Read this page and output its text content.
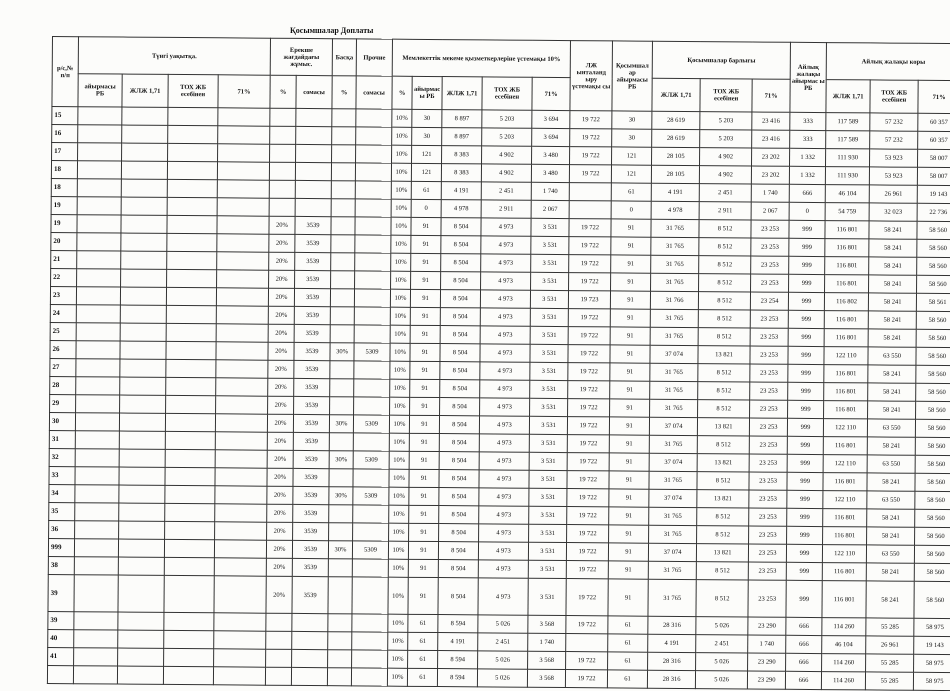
Қосымшалар Доплаты
р/с,№ п/п	Түнгі уақытқа.				Ерекше жағдайдағы жұмыс.		Басқа	Прочие	Мемлекеттік мекеме қызметкерлеріне үстемақы 10%					ЛЖ ынталанд ыру үстемақы сы	Қосымшал ар айырмасы РБ	Қосымшалар барлығы			Айлық жалақы айырмас ы РБ	Айлық жалақы коры		
	айырмасы РБ	ЖЛЖ 1,71	ТОХ ЖБ есебінен	71%	%	сомасы	%	сомасы	%	айырмас ы РБ	ЖЛЖ 1,71	ТОХ ЖБ есебінен	71%			ЖЛЖ 1,71	ТОХ ЖБ есебінен	71%		ЖЛЖ 1,71	ТОХ ЖБ есебінен	71%
15									10%	30	8 897	5 203	3 694	19 722	30	28 619	5 203	23 416	333	117 589	57 232	60 357
16									10%	30	8 897	5 203	3 694	19 722	30	28 619	5 203	23 416	333	117 589	57 232	60 357
17									10%	121	8 383	4 902	3 480	19 722	121	28 105	4 902	23 202	1 332	111 930	53 923	58 007
18									10%	121	8 383	4 902	3 480	19 722	121	28 105	4 902	23 202	1 332	111 930	53 923	58 007
18									10%	61	4 191	2 451	1 740		61	4 191	2 451	1 740	666	46 104	26 961	19 143
19									10%	0	4 978	2 911	2 067		0	4 978	2 911	2 067	0	54 759	32 023	22 736
19					20%	3539			10%	91	8 504	4 973	3 531	19 722	91	31 765	8 512	23 253	999	116 801	58 241	58 560
20					20%	3539			10%	91	8 504	4 973	3 531	19 722	91	31 765	8 512	23 253	999	116 801	58 241	58 560
21					20%	3539			10%	91	8 504	4 973	3 531	19 722	91	31 765	8 512	23 253	999	116 801	58 241	58 560
22					20%	3539			10%	91	8 504	4 973	3 531	19 722	91	31 765	8 512	23 253	999	116 801	58 241	58 560
23					20%	3539			10%	91	8 504	4 973	3 531	19 723	91	31 766	8 512	23 254	999	116 802	58 241	58 561
24					20%	3539			10%	91	8 504	4 973	3 531	19 722	91	31 765	8 512	23 253	999	116 801	58 241	58 560
25					20%	3539			10%	91	8 504	4 973	3 531	19 722	91	31 765	8 512	23 253	999	116 801	58 241	58 560
26					20%	3539	30%	5309	10%	91	8 504	4 973	3 531	19 722	91	37 074	13 821	23 253	999	122 110	63 550	58 560
27					20%	3539			10%	91	8 504	4 973	3 531	19 722	91	31 765	8 512	23 253	999	116 801	58 241	58 560
28					20%	3539			10%	91	8 504	4 973	3 531	19 722	91	31 765	8 512	23 253	999	116 801	58 241	58 560
29					20%	3539			10%	91	8 504	4 973	3 531	19 722	91	31 765	8 512	23 253	999	116 801	58 241	58 560
30					20%	3539	30%	5309	10%	91	8 504	4 973	3 531	19 722	91	37 074	13 821	23 253	999	122 110	63 550	58 560
31					20%	3539			10%	91	8 504	4 973	3 531	19 722	91	31 765	8 512	23 253	999	116 801	58 241	58 560
32					20%	3539	30%	5309	10%	91	8 504	4 973	3 531	19 722	91	37 074	13 821	23 253	999	122 110	63 550	58 560
33					20%	3539			10%	91	8 504	4 973	3 531	19 722	91	31 765	8 512	23 253	999	116 801	58 241	58 560
34					20%	3539	30%	5309	10%	91	8 504	4 973	3 531	19 722	91	37 074	13 821	23 253	999	122 110	63 550	58 560
35					20%	3539			10%	91	8 504	4 973	3 531	19 722	91	31 765	8 512	23 253	999	116 801	58 241	58 560
36					20%	3539			10%	91	8 504	4 973	3 531	19 722	91	31 765	8 512	23 253	999	116 801	58 241	58 560
999					20%	3539	30%	5309	10%	91	8 504	4 973	3 531	19 722	91	37 074	13 821	23 253	999	122 110	63 550	58 560
38					20%	3539			10%	91	8 504	4 973	3 531	19 722	91	31 765	8 512	23 253	999	116 801	58 241	58 560
39					20%	3539			10%	91	8 504	4 973	3 531	19 722	91	31 765	8 512	23 253	999	116 801	58 241	58 560
39									10%	61	8 594	5 026	3 568	19 722	61	28 316	5 026	23 290	666	114 260	55 285	58 975
40									10%	61	4 191	2 451	1 740		61	4 191	2 451	1 740	666	46 104	26 961	19 143
41									10%	61	8 594	5 026	3 568	19 722	61	28 316	5 026	23 290	666	114 260	55 285	58 975
									10%	61	8 594	5 026	3 568	19 722	61	28 316	5 026	23 290	666	114 260	55 285	58 975
